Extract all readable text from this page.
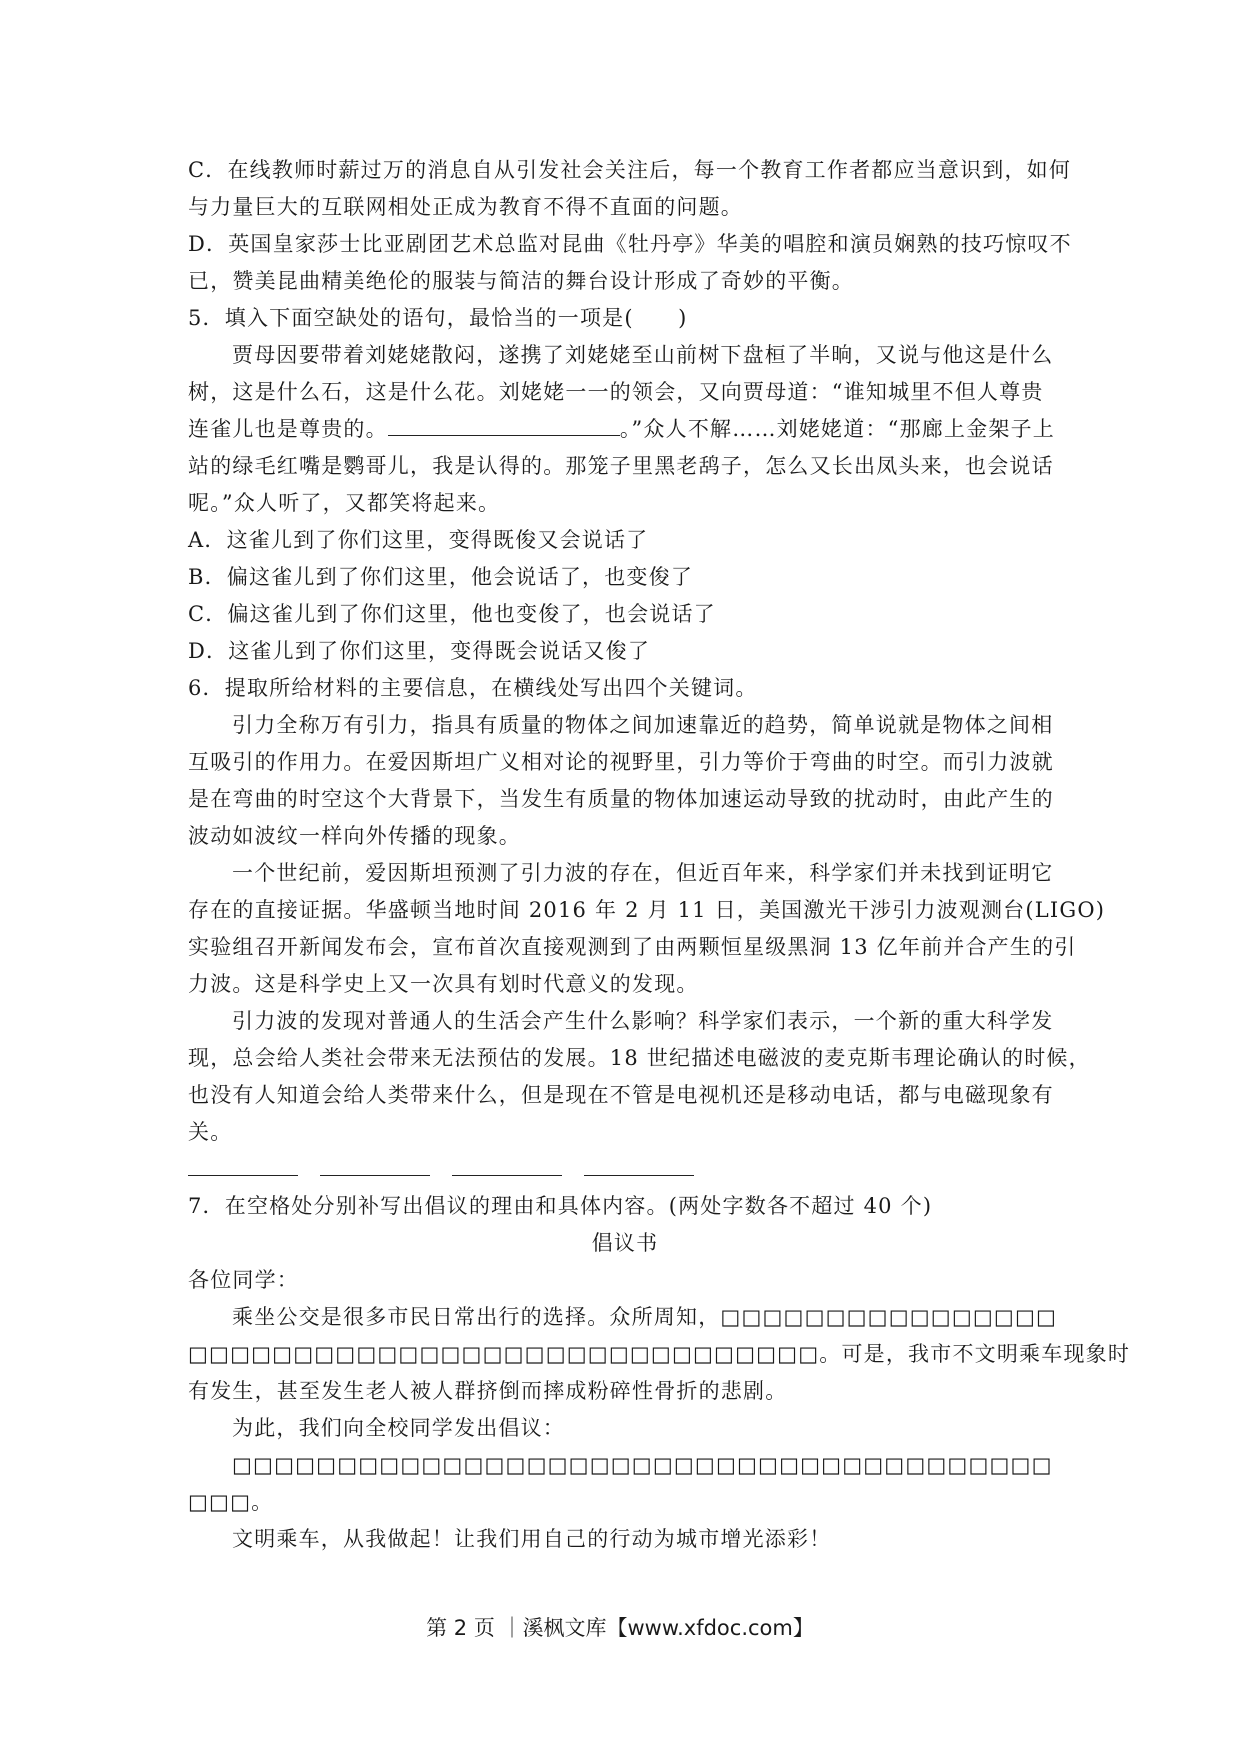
C．在线教师时薪过万的消息自从引发社会关注后，每一个教育工作者都应当意识到，如何
与力量巨大的互联网相处正成为教育不得不直面的问题。
D．英国皇家莎士比亚剧团艺术总监对昆曲《牡丹亭》华美的唱腔和演员娴熟的技巧惊叹不
已，赞美昆曲精美绝伦的服装与简洁的舞台设计形成了奇妙的平衡。
5．填入下面空缺处的语句，最恰当的一项是(　　)
贾母因要带着刘姥姥散闷，遂携了刘姥姥至山前树下盘桓了半晌，又说与他这是什么
树，这是什么石，这是什么花。刘姥姥一一的领会，又向贾母道：“谁知城里不但人尊贵
连雀儿也是尊贵的。	。”众人不解……刘姥姥道：“那廊上金架子上
站的绿毛红嘴是鹦哥儿，我是认得的。那笼子里黑老鸹子，怎么又长出凤头来，也会说话
呢。”众人听了，又都笑将起来。
A．这雀儿到了你们这里，变得既俊又会说话了
B．偏这雀儿到了你们这里，他会说话了，也变俊了
C．偏这雀儿到了你们这里，他也变俊了，也会说话了
D．这雀儿到了你们这里，变得既会说话又俊了
6．提取所给材料的主要信息，在横线处写出四个关键词。
引力全称万有引力，指具有质量的物体之间加速靠近的趋势，简单说就是物体之间相
互吸引的作用力。在爱因斯坦广义相对论的视野里，引力等价于弯曲的时空。而引力波就
是在弯曲的时空这个大背景下，当发生有质量的物体加速运动导致的扰动时，由此产生的
波动如波纹一样向外传播的现象。
一个世纪前，爱因斯坦预测了引力波的存在，但近百年来，科学家们并未找到证明它
存在的直接证据。华盛顿当地时间 2016 年 2 月 11 日，美国激光干涉引力波观测台(LIGO)
实验组召开新闻发布会，宣布首次直接观测到了由两颗恒星级黑洞 13 亿年前并合产生的引
力波。这是科学史上又一次具有划时代意义的发现。
引力波的发现对普通人的生活会产生什么影响？科学家们表示，一个新的重大科学发
现，总会给人类社会带来无法预估的发展。18 世纪描述电磁波的麦克斯韦理论确认的时候，
也没有人知道会给人类带来什么，但是现在不管是电视机还是移动电话，都与电磁现象有
关。
7．在空格处分别补写出倡议的理由和具体内容。(两处字数各不超过 40 个)
倡议书
各位同学：
乘坐公交是很多市民日常出行的选择。众所周知，□□□□□□□□□□□□□□□□
□□□□□□□□□□□□□□□□□□□□□□□□□□□□□□。可是，我市不文明乘车现象时
有发生，甚至发生老人被人群挤倒而摔成粉碎性骨折的悲剧。
为此，我们向全校同学发出倡议：
□□□□□□□□□□□□□□□□□□□□□□□□□□□□□□□□□□□□□□□
□□□。
文明乘车，从我做起！让我们用自己的行动为城市增光添彩！
第 2 页 ｜溪枫文库【www.xfdoc.com】
